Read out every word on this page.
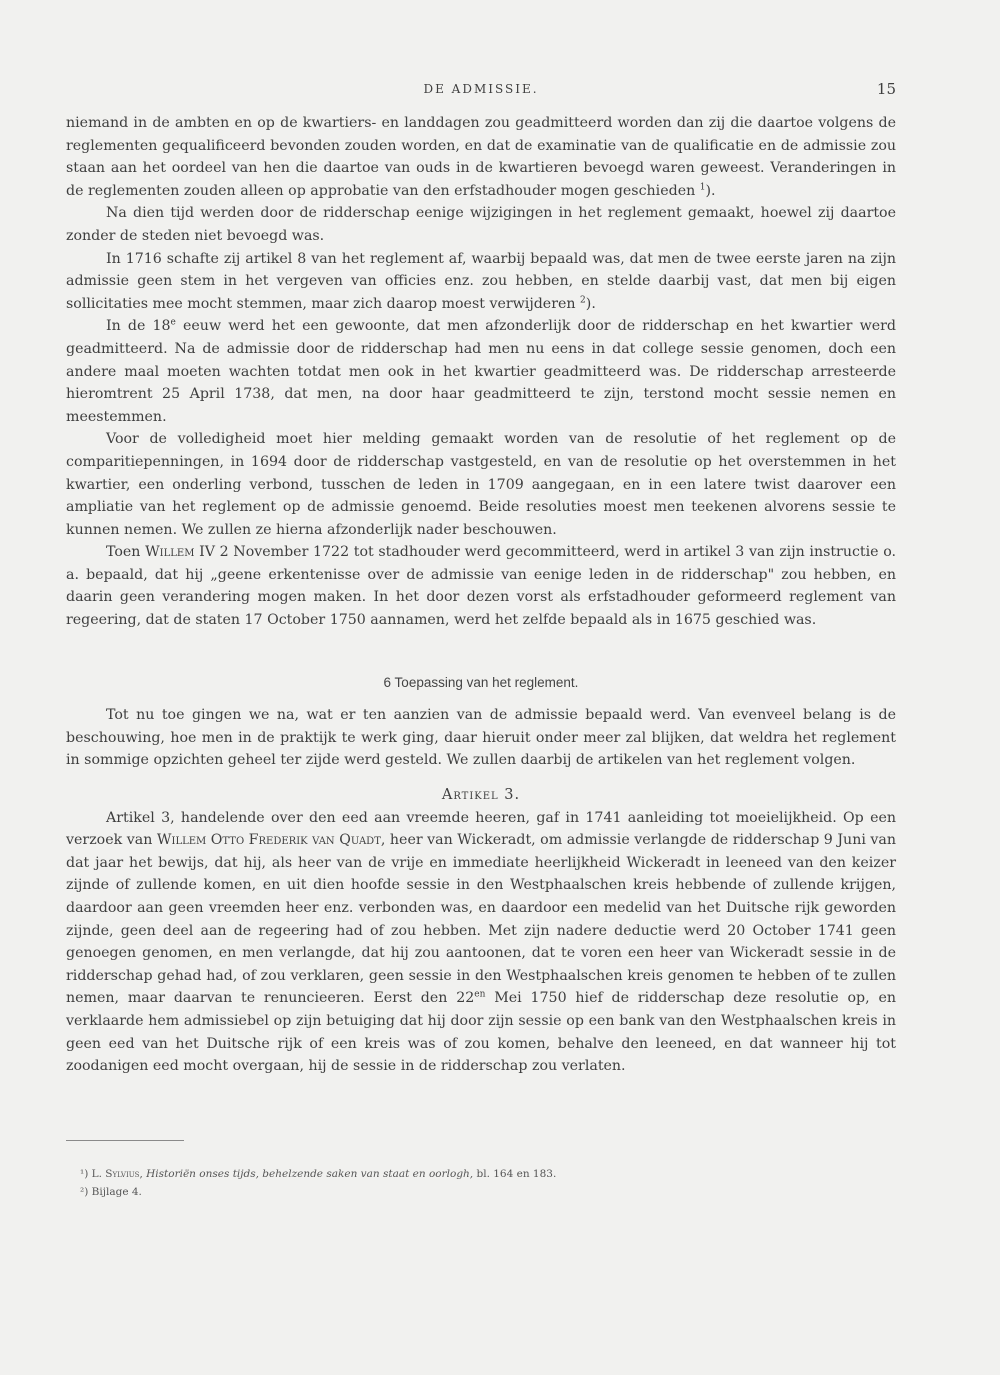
DE ADMISSIE.	15

niemand in de ambten en op de kwartiers- en landdagen zou geadmitteerd worden dan zij die daartoe volgens de reglementen gequalificeerd bevonden zouden worden, en dat de examinatie van de qualificatie en de admissie zou staan aan het oordeel van hen die daartoe van ouds in de kwartieren bevoegd waren geweest. Veranderingen in de reglementen zouden alleen op approbatie van den erfstadhouder mogen geschieden $^1$).

Na dien tijd werden door de ridderschap eenige wijzigingen in het reglement gemaakt, hoewel zij daartoe zonder de steden niet bevoegd was.

In 1716 schafte zij artikel 8 van het reglement af, waarbij bepaald was, dat men de twee eerste jaren na zijn admissie geen stem in het vergeven van officies enz. zou hebben, en stelde daarbij vast, dat men bij eigen sollicitaties mee mocht stemmen, maar zich daarop moest verwijderen $^2$).

In de 18e eeuw werd het een gewoonte, dat men afzonderlijk door de ridderschap en het kwartier werd geadmitteerd. Na de admissie door de ridderschap had men nu eens in dat college sessie genomen, doch een andere maal moeten wachten totdat men ook in het kwartier geadmitteerd was. De ridderschap arresteerde hieromtrent 25 April 1738, dat men, na door haar geadmitteerd te zijn, terstond mocht sessie nemen en meestemmen.

Voor de volledigheid moet hier melding gemaakt worden van de resolutie of het reglement op de comparitiepenningen, in 1694 door de ridderschap vastgesteld, en van de resolutie op het overstemmen in het kwartier, een onderling verbond, tusschen de leden in 1709 aangegaan, en in een latere twist daarover een ampliatie van het reglement op de admissie genoemd. Beide resoluties moest men teekenen alvorens sessie te kunnen nemen. We zullen ze hierna afzonderlijk nader beschouwen.

Toen Willem IV 2 November 1722 tot stadhouder werd gecommitteerd, werd in artikel 3 van zijn instructie o. a. bepaald, dat hij „geene erkentenisse over de admissie van eenige leden in de ridderschap" zou hebben, en daarin geen verandering mogen maken. In het door dezen vorst als erfstadhouder geformeerd reglement van regeering, dat de staten 17 October 1750 aannamen, werd het zelfde bepaald als in 1675 geschied was.

6 Toepassing van het reglement.

Tot nu toe gingen we na, wat er ten aanzien van de admissie bepaald werd. Van evenveel belang is de beschouwing, hoe men in de praktijk te werk ging, daar hieruit onder meer zal blijken, dat weldra het reglement in sommige opzichten geheel ter zijde werd gesteld. We zullen daarbij de artikelen van het reglement volgen.

Artikel 3.

Artikel 3, handelende over den eed aan vreemde heeren, gaf in 1741 aanleiding tot moeielijkheid. Op een verzoek van Willem Otto Frederik van Quadt, heer van Wickeradt, om admissie verlangde de ridderschap 9 Juni van dat jaar het bewijs, dat hij, als heer van de vrije en immediate heerlijkheid Wickeradt in leeneed van den keizer zijnde of zullende komen, en uit dien hoofde sessie in den Westphaalschen kreis hebbende of zullende krijgen, daardoor aan geen vreemden heer enz. verbonden was, en daardoor een medelid van het Duitsche rijk geworden zijnde, geen deel aan de regeering had of zou hebben. Met zijn nadere deductie werd 20 October 1741 geen genoegen genomen, en men verlangde, dat hij zou aantoonen, dat te voren een heer van Wickeradt sessie in de ridderschap gehad had, of zou verklaren, geen sessie in den Westphaalschen kreis genomen te hebben of te zullen nemen, maar daarvan te renuncieeren. Eerst den $22^{en}$ Mei 1750 hief de ridderschap deze resolutie op, en verklaarde hem admissiebel op zijn betuiging dat hij door zijn sessie op een bank van den Westphaalschen kreis in geen eed van het Duitsche rijk of een kreis was of zou komen, behalve den leeneed, en dat wanneer hij tot zoodanigen eed mocht overgaan, hij de sessie in de ridderschap zou verlaten.

¹) L. Sylvius, Historiën onses tijds, behelzende saken van staat en oorlogh, bl. 164 en 183.

²) Bijlage 4.
